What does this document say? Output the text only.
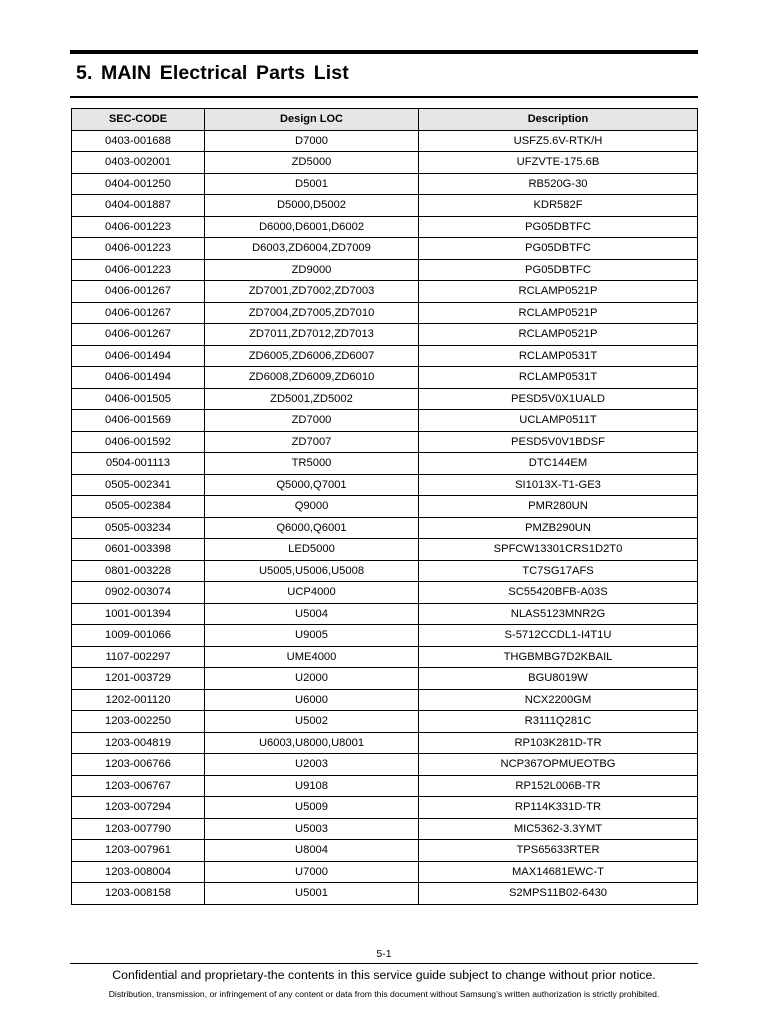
5. MAIN Electrical Parts List
SEC-CODE	Design LOC	Description
0403-001688	D7000	USFZ5.6V-RTK/H
0403-002001	ZD5000	UFZVTE-175.6B
0404-001250	D5001	RB520G-30
0404-001887	D5000,D5002	KDR582F
0406-001223	D6000,D6001,D6002	PG05DBTFC
0406-001223	D6003,ZD6004,ZD7009	PG05DBTFC
0406-001223	ZD9000	PG05DBTFC
0406-001267	ZD7001,ZD7002,ZD7003	RCLAMP0521P
0406-001267	ZD7004,ZD7005,ZD7010	RCLAMP0521P
0406-001267	ZD7011,ZD7012,ZD7013	RCLAMP0521P
0406-001494	ZD6005,ZD6006,ZD6007	RCLAMP0531T
0406-001494	ZD6008,ZD6009,ZD6010	RCLAMP0531T
0406-001505	ZD5001,ZD5002	PESD5V0X1UALD
0406-001569	ZD7000	UCLAMP0511T
0406-001592	ZD7007	PESD5V0V1BDSF
0504-001113	TR5000	DTC144EM
0505-002341	Q5000,Q7001	SI1013X-T1-GE3
0505-002384	Q9000	PMR280UN
0505-003234	Q6000,Q6001	PMZB290UN
0601-003398	LED5000	SPFCW13301CRS1D2T0
0801-003228	U5005,U5006,U5008	TC7SG17AFS
0902-003074	UCP4000	SC55420BFB-A03S
1001-001394	U5004	NLAS5123MNR2G
1009-001066	U9005	S-5712CCDL1-I4T1U
1107-002297	UME4000	THGBMBG7D2KBAIL
1201-003729	U2000	BGU8019W
1202-001120	U6000	NCX2200GM
1203-002250	U5002	R3111Q281C
1203-004819	U6003,U8000,U8001	RP103K281D-TR
1203-006766	U2003	NCP367OPMUEOTBG
1203-006767	U9108	RP152L006B-TR
1203-007294	U5009	RP114K331D-TR
1203-007790	U5003	MIC5362-3.3YMT
1203-007961	U8004	TPS65633RTER
1203-008004	U7000	MAX14681EWC-T
1203-008158	U5001	S2MPS11B02-6430
5-1
Confidential and proprietary-the contents in this service guide subject to change without prior notice.
Distribution, transmission, or infringement of any content or data from this document without Samsung’s written authorization is strictly prohibited.
